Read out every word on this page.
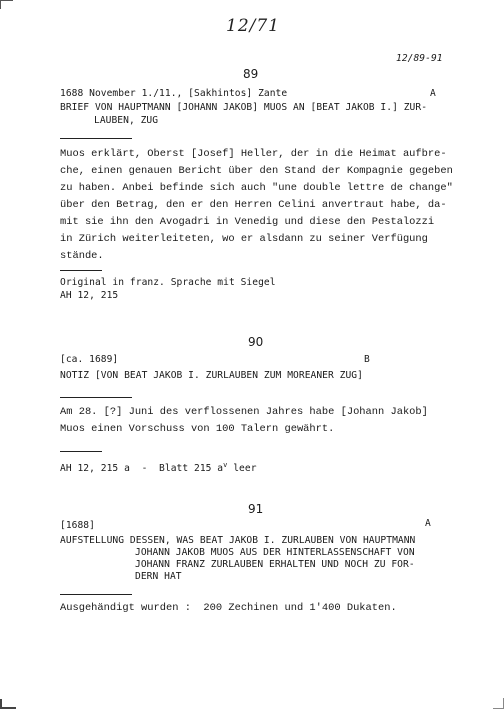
12/71
12/89-91
89
1688 November 1./11., [Sakhintos] Zante	A
BRIEF VON HAUPTMANN [JOHANN JAKOB] MUOS AN [BEAT JAKOB I.] ZUR-
LAUBEN, ZUG
Muos erklärt, Oberst [Josef] Heller, der in die Heimat aufbre-
che, einen genauen Bericht über den Stand der Kompagnie gegeben
zu haben. Anbei befinde sich auch "une double lettre de change"
über den Betrag, den er den Herren Celini anvertraut habe, da-
mit sie ihn den Avogadri in Venedig und diese den Pestalozzi
in Zürich weiterleiteten, wo er alsdann zu seiner Verfügung
stände.
Original in franz. Sprache mit Siegel
AH 12, 215
90
[ca. 1689]	B
NOTIZ [VON BEAT JAKOB I. ZURLAUBEN ZUM MOREANER ZUG]
Am 28. [?] Juni des verflossenen Jahres habe [Johann Jakob]
Muos einen Vorschuss von 100 Talern gewährt.
AH 12, 215 a  -  Blatt 215 $a^v$ leer
91
[1688]	A
AUFSTELLUNG DESSEN, WAS BEAT JAKOB I. ZURLAUBEN VON HAUPTMANN
JOHANN JAKOB MUOS AUS DER HINTERLASSENSCHAFT VON
JOHANN FRANZ ZURLAUBEN ERHALTEN UND NOCH ZU FOR-
DERN HAT
Ausgehändigt wurden :  200 Zechinen und 1'400 Dukaten.
